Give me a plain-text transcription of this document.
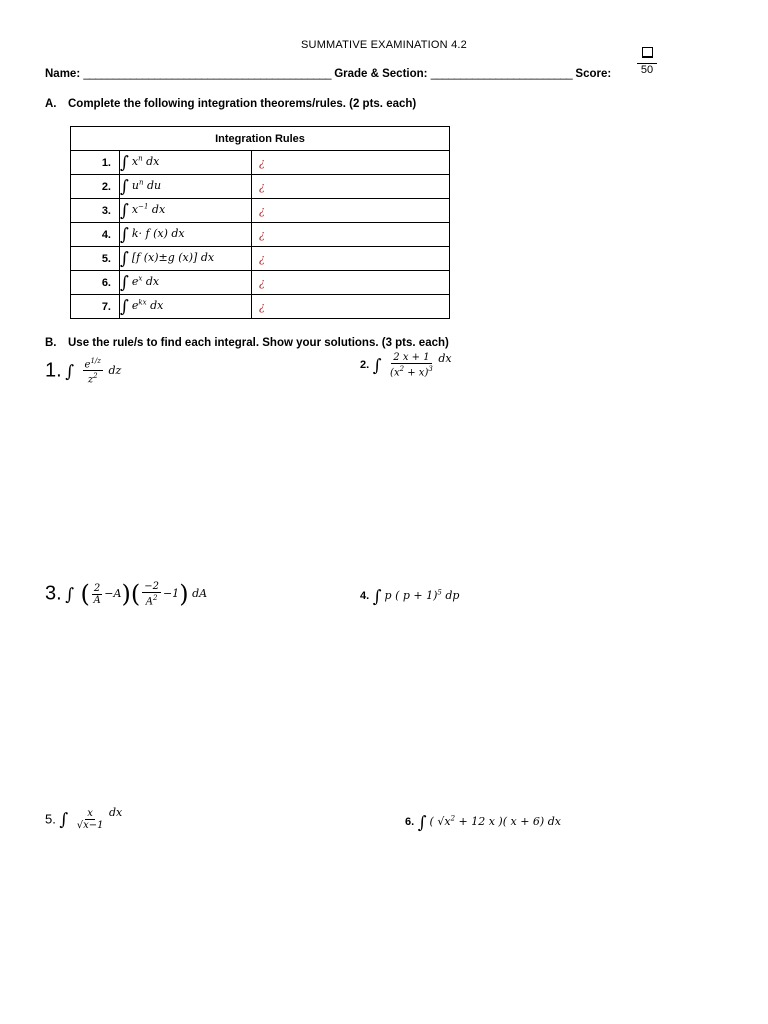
SUMMATIVE EXAMINATION 4.2
Name: __________________________________________ Grade & Section: ________________________ Score:	50
A. Complete the following integration theorems/rules. (2 pts. each)
Integration Rules		
1.	∫ $x^n$ dx	¿
2.	∫ $u^n$ du	¿
3.	∫ $x^{-1}$ dx	¿
4.	∫ k· f (x) dx	¿
5.	∫ [f (x)±g (x)] dx	¿
6.	∫ $e^x$ dx	¿
7.	∫ $e^{kx}$ dx	¿
B. Use the rule/s to find each integral. Show your solutions. (3 pts. each)
1. ∫ $\frac{e^{1/z}}{z^2}$ dz	2. ∫ $\frac{2 x + 1}{(x^2 + x)^3}$ dx
3. ∫ ( $\frac{2}{A} -A)( \frac{-2}{A^2} -1)$ dA	4. ∫ p ( p + 1)$^5$ dp
5. ∫ $\frac{x}{√x-1}$ dx
6. ∫ ( $√x^2 + 12$ x )( x + 6) dx
